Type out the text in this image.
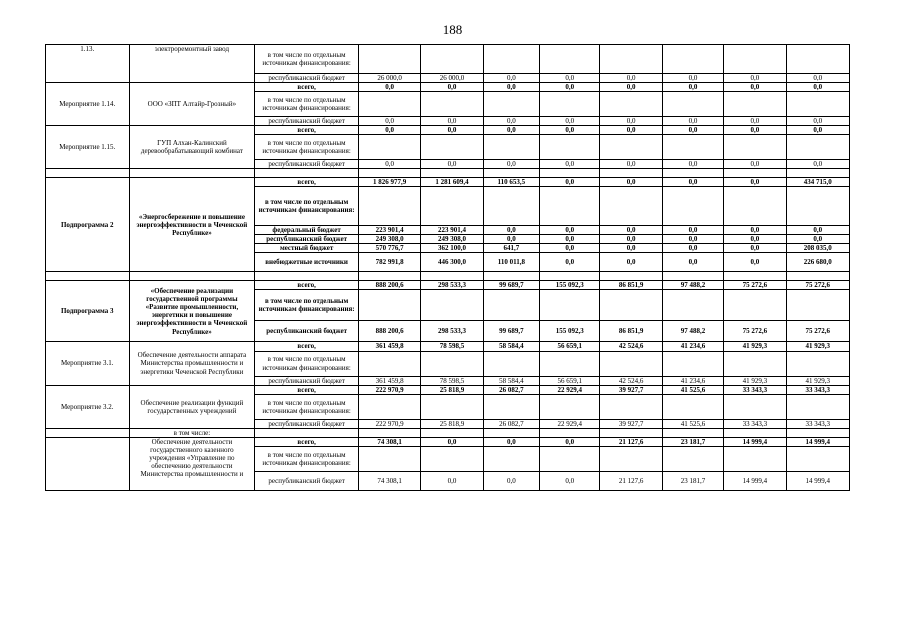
188
1.13.	электроремонтный завод	в том числе по отдельным источникам финансирования:								
		республиканский бюджет	26 000,0	26 000,0	0,0	0,0	0,0	0,0	0,0	0,0
Мероприятие 1.14.	ООО «ЗПТ Алтайр-Грозный»	всего,	0,0	0,0	0,0	0,0	0,0	0,0	0,0	0,0
		в том числе по отдельным источникам финансирования:								
		республиканский бюджет	0,0	0,0	0,0	0,0	0,0	0,0	0,0	0,0
Мероприятие 1.15.	ГУП Алхан-Калинский деревообрабатывающий комбинат	всего,	0,0	0,0	0,0	0,0	0,0	0,0	0,0	0,0
		в том числе по отдельным источникам финансирования:								
		республиканский бюджет	0,0	0,0	0,0	0,0	0,0	0,0	0,0	0,0

Подпрограмма 2	«Энергосбережение и повышение энергоэффективности в Чеченской Республике»	всего,	1 826 977,9	1 281 609,4	110 653,5	0,0	0,0	0,0	0,0	434 715,0
		в том числе по отдельным источникам финансирования:								
		федеральный бюджет	223 901,4	223 901,4	0,0	0,0	0,0	0,0	0,0	0,0
		республиканский бюджет	249 308,0	249 308,0	0,0	0,0	0,0	0,0	0,0	0,0
		местный бюджет	570 776,7	362 100,0	641,7	0,0	0,0	0,0	0,0	208 035,0
		внебюджетные источники	782 991,8	446 300,0	110 011,8	0,0	0,0	0,0	0,0	226 680,0

Подпрограмма 3	«Обеспечение реализации государственной программы «Развитие промышленности, энергетики и повышение энергоэффективности в Чеченской Республике»	всего,	888 200,6	298 533,3	99 689,7	155 092,3	86 851,9	97 488,2	75 272,6	75 272,6
		в том числе по отдельным источникам финансирования:								
		республиканский бюджет	888 200,6	298 533,3	99 689,7	155 092,3	86 851,9	97 488,2	75 272,6	75 272,6
Мероприятие 3.1.	Обеспечение деятельности аппарата Министерства промышленности и энергетики Чеченской Республики	всего,	361 459,8	78 598,5	58 584,4	56 659,1	42 524,6	41 234,6	41 929,3	41 929,3
		в том числе по отдельным источникам финансирования:								
		республиканский бюджет	361 459,8	78 598,5	58 584,4	56 659,1	42 524,6	41 234,6	41 929,3	41 929,3
Мероприятие 3.2.	Обеспечение реализации функций государственных учреждений	всего,	222 970,9	25 818,9	26 082,7	22 929,4	39 927,7	41 525,6	33 343,3	33 343,3
		в том числе по отдельным источникам финансирования:								
		республиканский бюджет	222 970,9	25 818,9	26 082,7	22 929,4	39 927,7	41 525,6	33 343,3	33 343,3
	в том числе:									
	Обеспечение деятельности государственного казенного учреждения «Управление по обеспечению деятельности Министерства промышленности и	всего,	74 308,1	0,0	0,0	0,0	21 127,6	23 181,7	14 999,4	14 999,4
		в том числе по отдельным источникам финансирования:								
		республиканский бюджет	74 308,1	0,0	0,0	0,0	21 127,6	23 181,7	14 999,4	14 999,4
